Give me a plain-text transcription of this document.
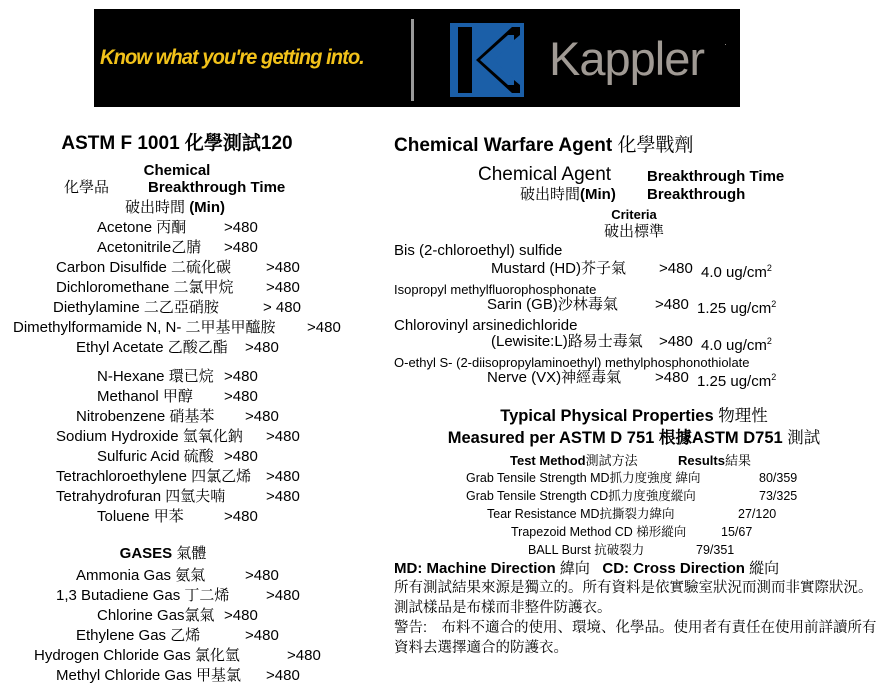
Know what you're getting into.	Kappler ·
ASTM F 1001 化學測試120
Chemical
化學品	Breakthrough Time
破出時間 (Min)
Acetone 丙酮	>480
Acetonitrile乙腈 >480
Carbon Disulfide 二硫化碳 >480
Dichloromethane 二氯甲烷 >480
Diethylamine 二乙亞硝胺	> 480
Dimethylformamide N, N- 二甲基甲醯胺 >480
Ethyl Acetate 乙酸乙酯 >480
N-Hexane 環已烷 >480
Methanol 甲醇 >480
Nitrobenzene 硝基苯 >480
Sodium Hydroxide 氫氧化鈉 >480
Sulfuric Acid 硫酸 >480
Tetrachloroethylene 四氯乙烯 >480
Tetrahydrofuran 四氫夫喃	>480
Toluene 甲苯	>480
GASES 氣體
Ammonia Gas 氨氣	>480
1,3 Butadiene Gas 丁二烯 >480
Chlorine Gas氯氣 >480
Ethylene Gas 乙烯	>480
Hydrogen Chloride Gas 氯化氫	>480
Methyl Chloride Gas 甲基氯 >480
Chemical Warfare Agent 化學戰劑
Chemical Agent Breakthrough Time
破出時間(Min) Breakthrough
Criteria
破出標準
Bis (2-chloroethyl) sulfide
Mustard (HD)芥子氣 >480 4.0 $ug/cm^2$
Isopropyl methylfluorophosphonate
Sarin (GB)沙林毒氣 >480 1.25 $ug/cm^2$
Chlorovinyl arsinedichloride
(Lewisite:L)路易士毒氣 >480 4.0 $ug/cm^2$
O-ethyl S- (2-diisopropylaminoethyl) methylphosphonothiolate
Nerve (VX)神經毒氣 >480 1.25 $ug/cm^2$
Typical Physical Properties 物理性
Measured per ASTM D 751 根據ASTM D751 測試
Test Method測試方法	Results結果
Grab Tensile Strength MD抓力度強度 緯向	80/359
Grab Tensile Strength CD抓力度強度縱向	73/325
Tear Resistance MD抗撕裂力緯向	27/120
Trapezoid Method CD 梯形縱向	15/67
BALL Burst 抗破裂力	79/351
MD: Machine Direction 緯向 CD: Cross Direction 縱向
所有測試結果來源是獨立的。所有資料是依實驗室狀況而測而非實際狀況。測試樣品是布樣而非整件防護衣。
警告:　布料不適合的使用、環境、化學品。使用者有責任在使用前詳讀所有資料去選擇適合的防護衣。
